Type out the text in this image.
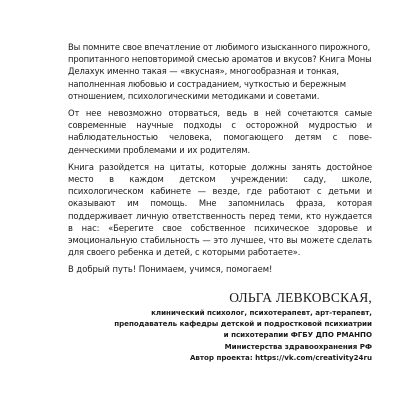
Вы помните свое впечатление от любимого изысканного пирожного, пропитанного неповторимой смесью ароматов и вкусов? Книга Моны Делахук именно такая — «вкусная», многообразная и тонкая, наполненная любовью и состраданием, чуткостью и бережным отношением, психологическими методиками и советами.

От нее невозможно оторваться, ведь в ней сочетаются самые современные научные подходы с осторожной мудростью и наблюдательностью человека, помогающего детям с поведенческими проблемами и их родителям.

Книга разойдется на цитаты, которые должны занять достойное место в каждом детском учреждении: саду, школе, психологическом кабинете — везде, где работают с детьми и оказывают им помощь. Мне запомнилась фраза, которая поддерживает личную ответственность перед теми, кто нуждается в нас: «Берегите свое собственное психическое здоровье и эмоциональную стабильность — это лучшее, что вы можете сделать для своего ребенка и детей, с которыми работаете».

В добрый путь! Понимаем, учимся, помогаем!

ОЛЬГА ЛЕВКОВСКАЯ,

клинический психолог, психотерапевт, арт-терапевт,

преподаватель кафедры детской и подростковой психиатрии

и психотерапии ФГБУ ДПО РМАНПО

Министерства здравоохранения РФ

Автор проекта: https://vk.com/creativity24ru
